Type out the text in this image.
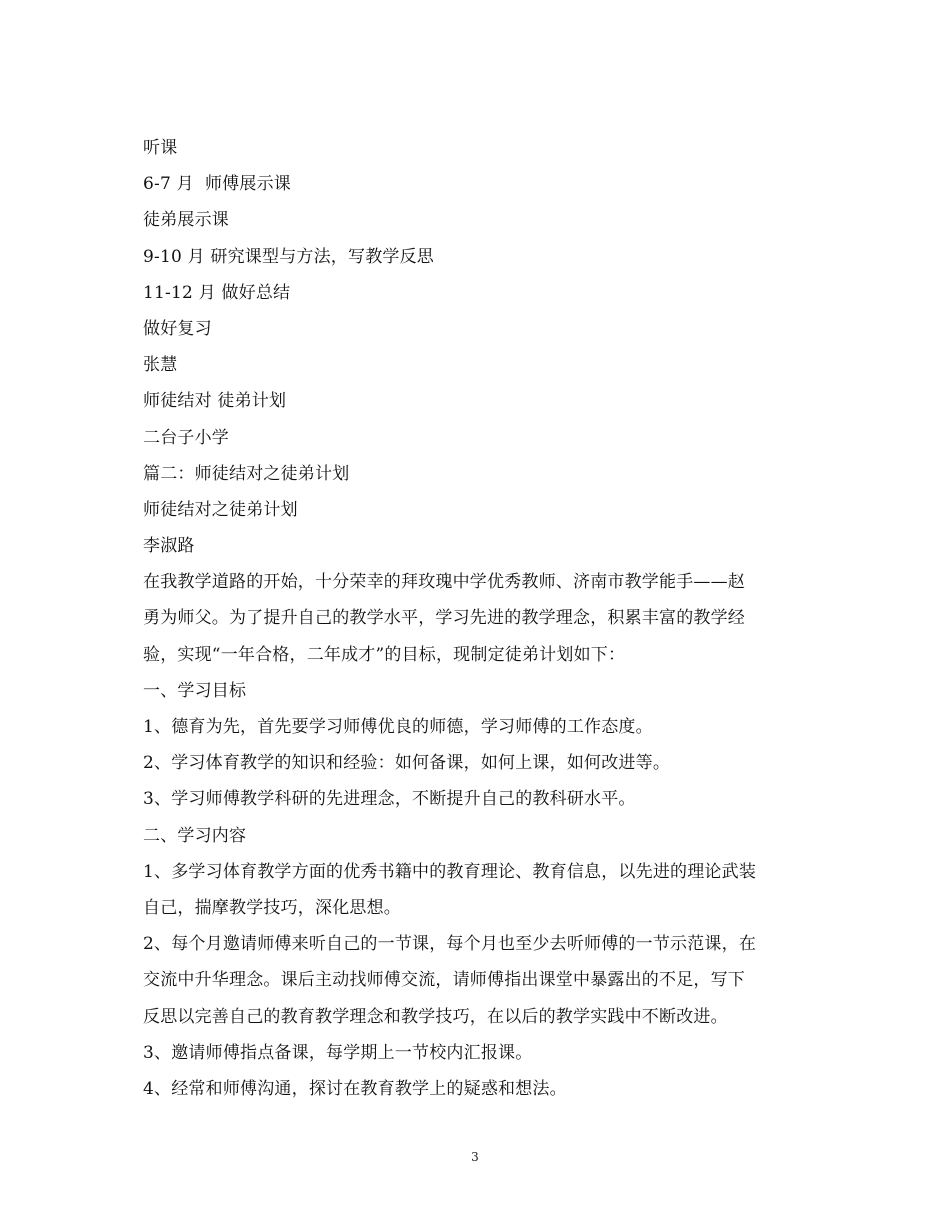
听课
6-7 月  师傅展示课
徒弟展示课
9-10 月 研究课型与方法，写教学反思
11-12 月 做好总结
做好复习
张慧
师徒结对 徒弟计划
二台子小学
篇二：师徒结对之徒弟计划
师徒结对之徒弟计划
李淑路
在我教学道路的开始，十分荣幸的拜玫瑰中学优秀教师、济南市教学能手——赵
勇为师父。为了提升自己的教学水平，学习先进的教学理念，积累丰富的教学经
验，实现“一年合格，二年成才”的目标，现制定徒弟计划如下：
一、学习目标
1、德育为先，首先要学习师傅优良的师德，学习师傅的工作态度。
2、学习体育教学的知识和经验：如何备课，如何上课，如何改进等。
3、学习师傅教学科研的先进理念，不断提升自己的教科研水平。
二、学习内容
1、多学习体育教学方面的优秀书籍中的教育理论、教育信息，以先进的理论武装
自己，揣摩教学技巧，深化思想。
2、每个月邀请师傅来听自己的一节课，每个月也至少去听师傅的一节示范课，在
交流中升华理念。课后主动找师傅交流，请师傅指出课堂中暴露出的不足，写下
反思以完善自己的教育教学理念和教学技巧，在以后的教学实践中不断改进。
3、邀请师傅指点备课，每学期上一节校内汇报课。
4、经常和师傅沟通，探讨在教育教学上的疑惑和想法。
3
